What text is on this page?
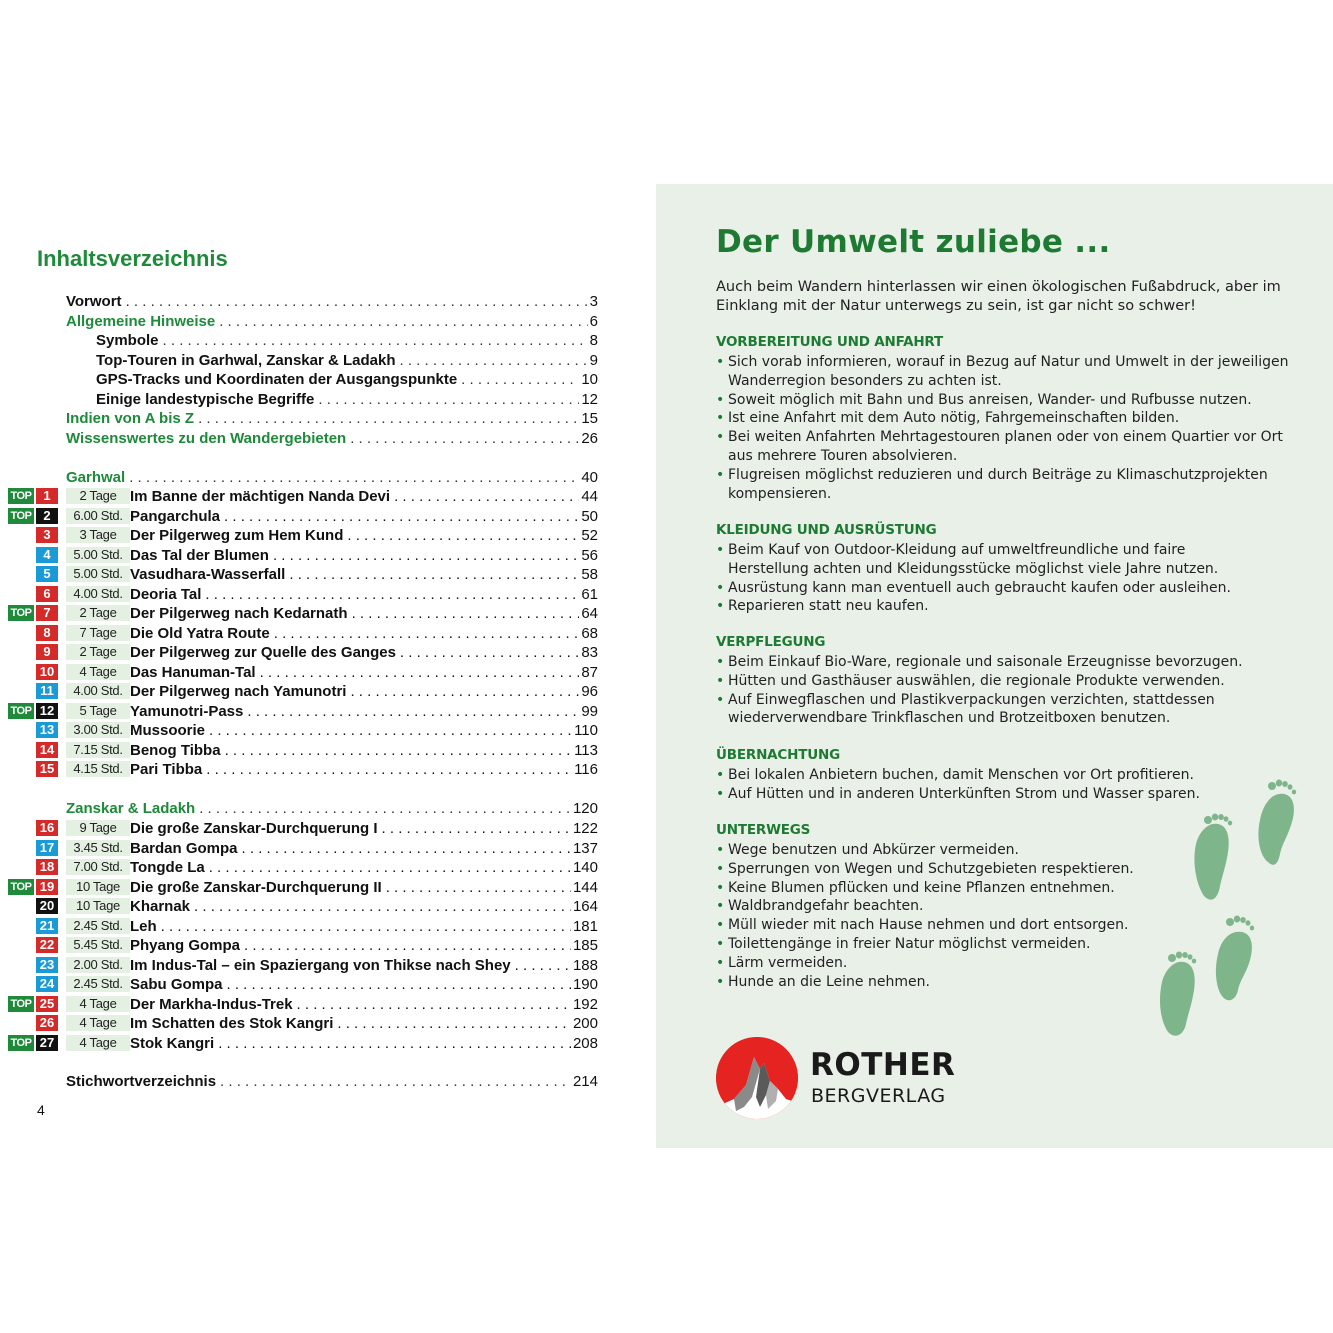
Inhaltsverzeichnis
Vorwort . . .	3
Allgemeine Hinweise . . .	6
Symbole . . .	8
Top-Touren in Garhwal, Zanskar & Ladakh . . .	9
GPS-Tracks und Koordinaten der Ausgangspunkte . . .	10
Einige landestypische Begriffe . . .	12
Indien von A bis Z . . .	15
Wissenswertes zu den Wandergebieten . . .	26
Garhwal . . .	40
TOP 1	2 Tage Im Banne der mächtigen Nanda Devi . . .	44
TOP 2	6.00 Std. Pangarchula . . .	50
3	3 Tage Der Pilgerweg zum Hem Kund . . .	52
4	5.00 Std. Das Tal der Blumen . . .	56
5	5.00 Std. Vasudhara-Wasserfall . . .	58
6	4.00 Std. Deoria Tal . . .	61
TOP 7	2 Tage Der Pilgerweg nach Kedarnath . . .	64
8	7 Tage Die Old Yatra Route . . .	68
9	2 Tage Der Pilgerweg zur Quelle des Ganges . . .	83
10	4 Tage Das Hanuman-Tal . . .	87
11	4.00 Std. Der Pilgerweg nach Yamunotri . . .	96
TOP 12	5 Tage Yamunotri-Pass . . .	99
13	3.00 Std. Mussoorie . . .	110
14	7.15 Std. Benog Tibba . . .	113
15	4.15 Std. Pari Tibba . . .	116
Zanskar & Ladakh . . .	120
16	9 Tage Die große Zanskar-Durchquerung I . . .	122
17	3.45 Std. Bardan Gompa . . .	137
18	7.00 Std. Tongde La . . .	140
TOP 19	10 Tage Die große Zanskar-Durchquerung II . . .	144
20	10 Tage Kharnak . . .	164
21	2.45 Std. Leh . . .	181
22	5.45 Std. Phyang Gompa . . .	185
23	2.00 Std. Im Indus-Tal – ein Spaziergang von Thikse nach Shey . . .	188
24	2.45 Std. Sabu Gompa . . .	190
TOP 25	4 Tage Der Markha-Indus-Trek . . .	192
26	4 Tage Im Schatten des Stok Kangri . . .	200
TOP 27	4 Tage Stok Kangri . . .	208
Stichwortverzeichnis . . .	214
4
Der Umwelt zuliebe ...

Auch beim Wandern hinterlassen wir einen ökologischen Fußabdruck, aber im Einklang mit der Natur unterwegs zu sein, ist gar nicht so schwer!

VORBEREITUNG UND ANFAHRT
• Sich vorab informieren, worauf in Bezug auf Natur und Umwelt in der jeweiligen Wanderregion besonders zu achten ist.
• Soweit möglich mit Bahn und Bus anreisen, Wander- und Rufbusse nutzen.
• Ist eine Anfahrt mit dem Auto nötig, Fahrgemeinschaften bilden.
• Bei weiten Anfahrten Mehrtagestouren planen oder von einem Quartier vor Ort aus mehrere Touren absolvieren.
• Flugreisen möglichst reduzieren und durch Beiträge zu Klimaschutzprojekten kompensieren.
KLEIDUNG UND AUSRÜSTUNG
• Beim Kauf von Outdoor-Kleidung auf umweltfreundliche und faire Herstellung achten und Kleidungsstücke möglichst viele Jahre nutzen.
• Ausrüstung kann man eventuell auch gebraucht kaufen oder ausleihen.
• Reparieren statt neu kaufen.
VERPFLEGUNG
• Beim Einkauf Bio-Ware, regionale und saisonale Erzeugnisse bevorzugen.
• Hütten und Gasthäuser auswählen, die regionale Produkte verwenden.
• Auf Einwegflaschen und Plastikverpackungen verzichten, stattdessen wiederverwendbare Trinkflaschen und Brotzeitboxen benutzen.
ÜBERNACHTUNG
• Bei lokalen Anbietern buchen, damit Menschen vor Ort profitieren.
• Auf Hütten und in anderen Unterkünften Strom und Wasser sparen.
UNTERWEGS
• Wege benutzen und Abkürzer vermeiden.
• Sperrungen von Wegen und Schutzgebieten respektieren.
• Keine Blumen pflücken und keine Pflanzen entnehmen.
• Waldbrandgefahr beachten.
• Müll wieder mit nach Hause nehmen und dort entsorgen.
• Toilettengänge in freier Natur möglichst vermeiden.
• Lärm vermeiden.
• Hunde an die Leine nehmen.
ROTHER
BERGVERLAG
